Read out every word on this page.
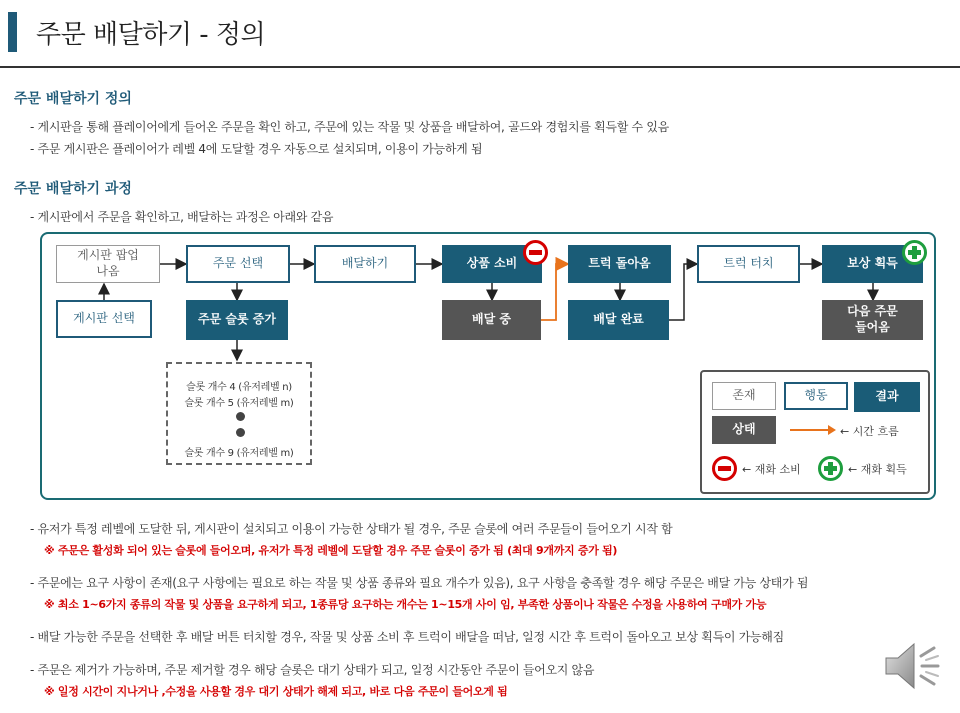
주문 배달하기 - 정의
주문 배달하기 정의
- 게시판을 통해 플레이어에게 들어온 주문을 확인 하고, 주문에 있는 작물 및 상품을 배달하여, 골드와 경험치를 획득할 수 있음
- 주문 게시판은 플레이어가 레벨 4에 도달할 경우 자동으로 설치되며, 이용이 가능하게 됨
주문 배달하기 과정
- 게시판에서 주문을 확인하고, 배달하는 과정은 아래와 같음
게시판 팝업
나옴
게시판 선택
주문 선택
주문 슬롯 증가
배달하기	상품 소비
배달 중
트럭 돌아옴
배달 완료
트럭 터치	보상 획득
다음 주문
들어옴
슬롯 개수 4 (유저레벨 n)
슬롯 개수 5 (유저레벨 m)
슬롯 개수 9 (유저레벨 m)
존재	행동	결과
상태	← 시간 흐름
← 재화 소비	← 재화 획득
- 유저가 특정 레벨에 도달한 뒤, 게시판이 설치되고 이용이 가능한 상태가 될 경우, 주문 슬롯에 여러 주문들이 들어오기 시작 함
※ 주문은 활성화 되어 있는 슬롯에 들어오며, 유저가 특정 레벨에 도달할 경우 주문 슬롯이 증가 됨 (최대 9개까지 증가 됨)
- 주문에는 요구 사항이 존재(요구 사항에는 필요로 하는 작물 및 상품 종류와 필요 개수가 있음), 요구 사항을 충족할 경우 해당 주문은 배달 가능 상태가 됨
※ 최소 1~6가지 종류의 작물 및 상품을 요구하게 되고, 1종류당 요구하는 개수는 1~15개 사이 임, 부족한 상품이나 작물은 수정을 사용하여 구매가 가능
- 배달 가능한 주문을 선택한 후 배달 버튼 터치할 경우, 작물 및 상품 소비 후 트럭이 배달을 떠남, 일정 시간 후 트럭이 돌아오고 보상 획득이 가능해짐
- 주문은 제거가 가능하며, 주문 제거할 경우 해당 슬롯은 대기 상태가 되고, 일정 시간동안 주문이 들어오지 않음
※ 일정 시간이 지나거나 ,수정을 사용할 경우 대기 상태가 해제 되고, 바로 다음 주문이 들어오게 됨
